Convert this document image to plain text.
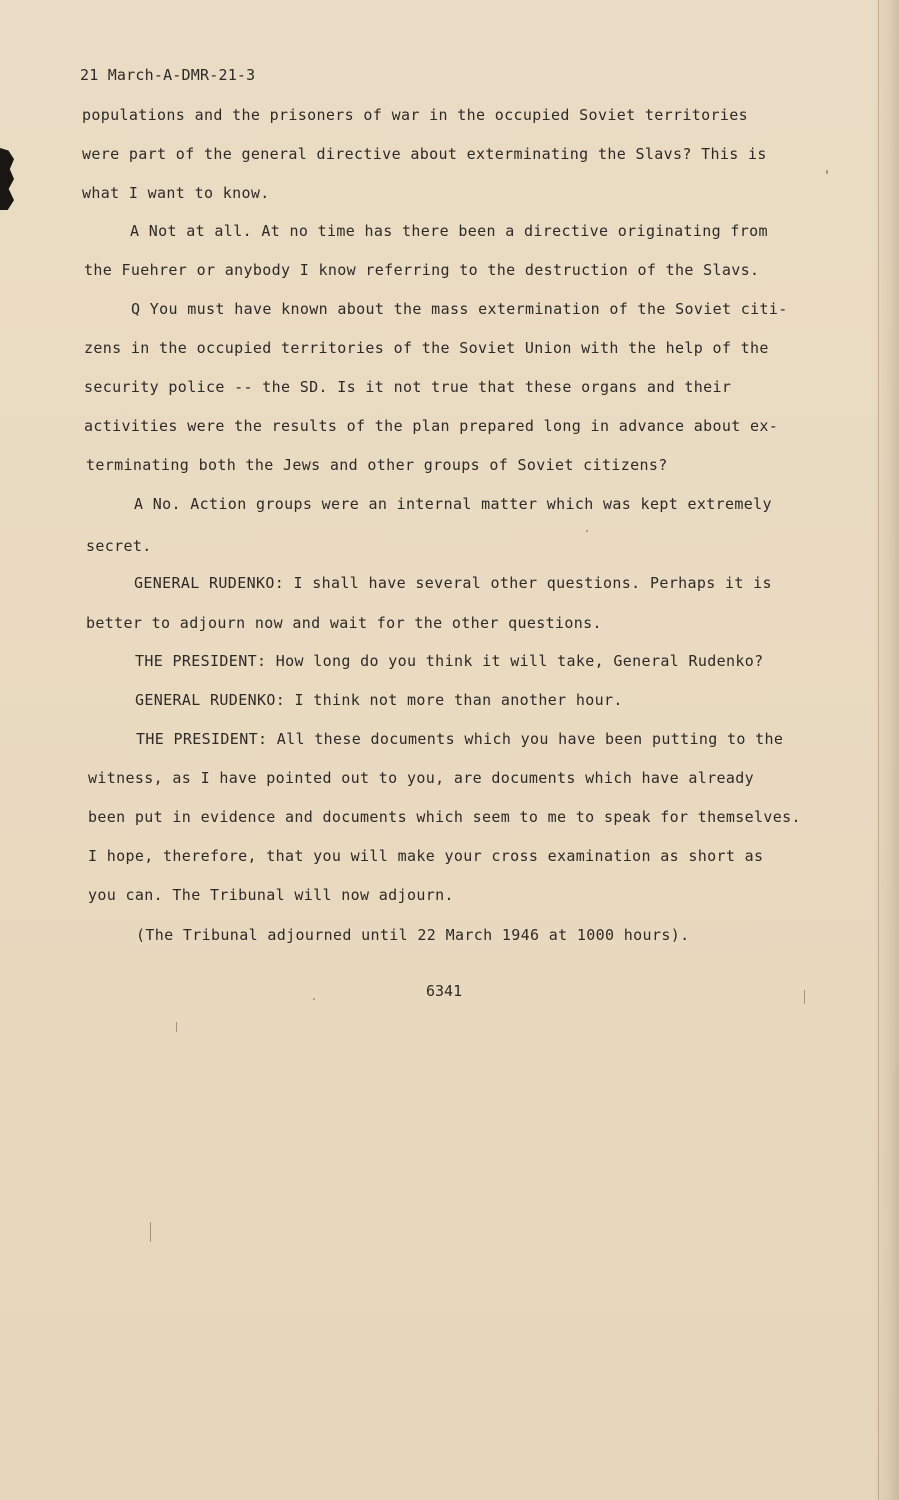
21 March-A-DMR-21-3
populations and the prisoners of war in the occupied Soviet territories
were part of the general directive about exterminating the Slavs? This is
what I want to know.
A Not at all. At no time has there been a directive originating from
the Fuehrer or anybody I know referring to the destruction of the Slavs.
Q You must have known about the mass extermination of the Soviet citi-
zens in the occupied territories of the Soviet Union with the help of the
security police -- the SD. Is it not true that these organs and their
activities were the results of the plan prepared long in advance about ex-
terminating both the Jews and other groups of Soviet citizens?
A No. Action groups were an internal matter which was kept extremely
secret.
GENERAL RUDENKO: I shall have several other questions. Perhaps it is
better to adjourn now and wait for the other questions.
THE PRESIDENT: How long do you think it will take, General Rudenko?
GENERAL RUDENKO: I think not more than another hour.
THE PRESIDENT: All these documents which you have been putting to the
witness, as I have pointed out to you, are documents which have already
been put in evidence and documents which seem to me to speak for themselves.
I hope, therefore, that you will make your cross examination as short as
you can. The Tribunal will now adjourn.
(The Tribunal adjourned until 22 March 1946 at 1000 hours).
6341
